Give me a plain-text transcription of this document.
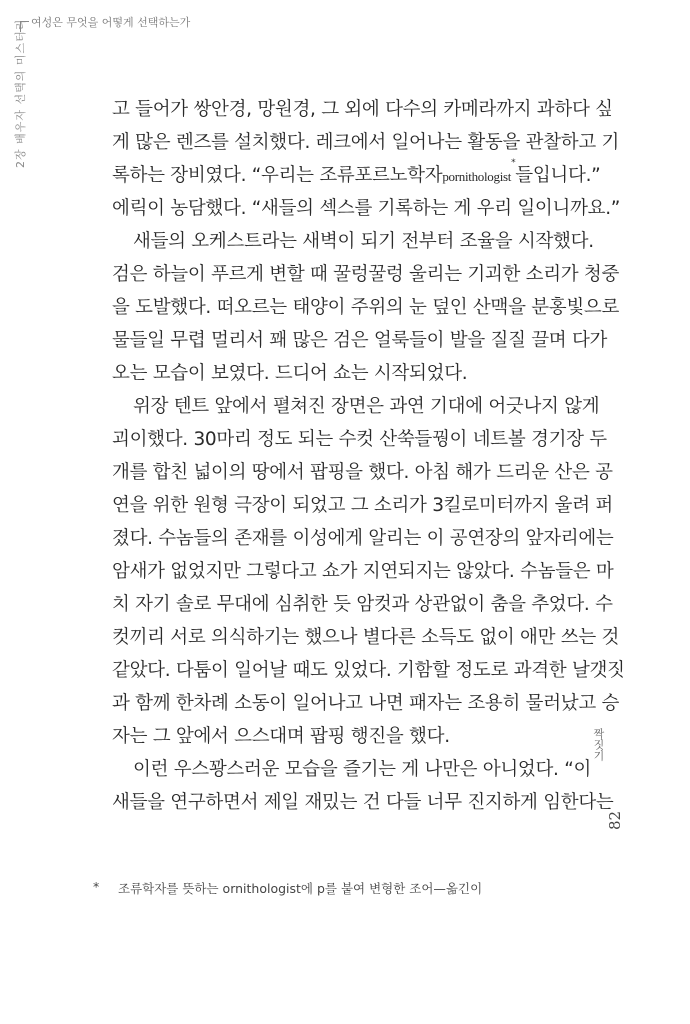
여성은 무엇을 어떻게 선택하는가
2장 배우자 선택의 미스터리
짝짓기
82
고 들어가 쌍안경, 망원경, 그 외에 다수의 카메라까지 과하다 싶
게 많은 렌즈를 설치했다. 레크에서 일어나는 활동을 관찰하고 기
록하는 장비였다. “우리는 조류포르노학자pornithologist*들입니다.”
에릭이 농담했다. “새들의 섹스를 기록하는 게 우리 일이니까요.”
새들의 오케스트라는 새벽이 되기 전부터 조율을 시작했다.
검은 하늘이 푸르게 변할 때 꿀렁꿀렁 울리는 기괴한 소리가 청중
을 도발했다. 떠오르는 태양이 주위의 눈 덮인 산맥을 분홍빛으로
물들일 무렵 멀리서 꽤 많은 검은 얼룩들이 발을 질질 끌며 다가
오는 모습이 보였다. 드디어 쇼는 시작되었다.
위장 텐트 앞에서 펼쳐진 장면은 과연 기대에 어긋나지 않게
괴이했다. 30마리 정도 되는 수컷 산쑥들꿩이 네트볼 경기장 두
개를 합친 넓이의 땅에서 팝핑을 했다. 아침 해가 드리운 산은 공
연을 위한 원형 극장이 되었고 그 소리가 3킬로미터까지 울려 퍼
졌다. 수놈들의 존재를 이성에게 알리는 이 공연장의 앞자리에는
암새가 없었지만 그렇다고 쇼가 지연되지는 않았다. 수놈들은 마
치 자기 솔로 무대에 심취한 듯 암컷과 상관없이 춤을 추었다. 수
컷끼리 서로 의식하기는 했으나 별다른 소득도 없이 애만 쓰는 것
같았다. 다툼이 일어날 때도 있었다. 기함할 정도로 과격한 날갯짓
과 함께 한차례 소동이 일어나고 나면 패자는 조용히 물러났고 승
자는 그 앞에서 으스대며 팝핑 행진을 했다.
이런 우스꽝스러운 모습을 즐기는 게 나만은 아니었다. “이
새들을 연구하면서 제일 재밌는 건 다들 너무 진지하게 임한다는
*	조류학자를 뜻하는 ornithologist에 p를 붙여 변형한 조어—옮긴이
